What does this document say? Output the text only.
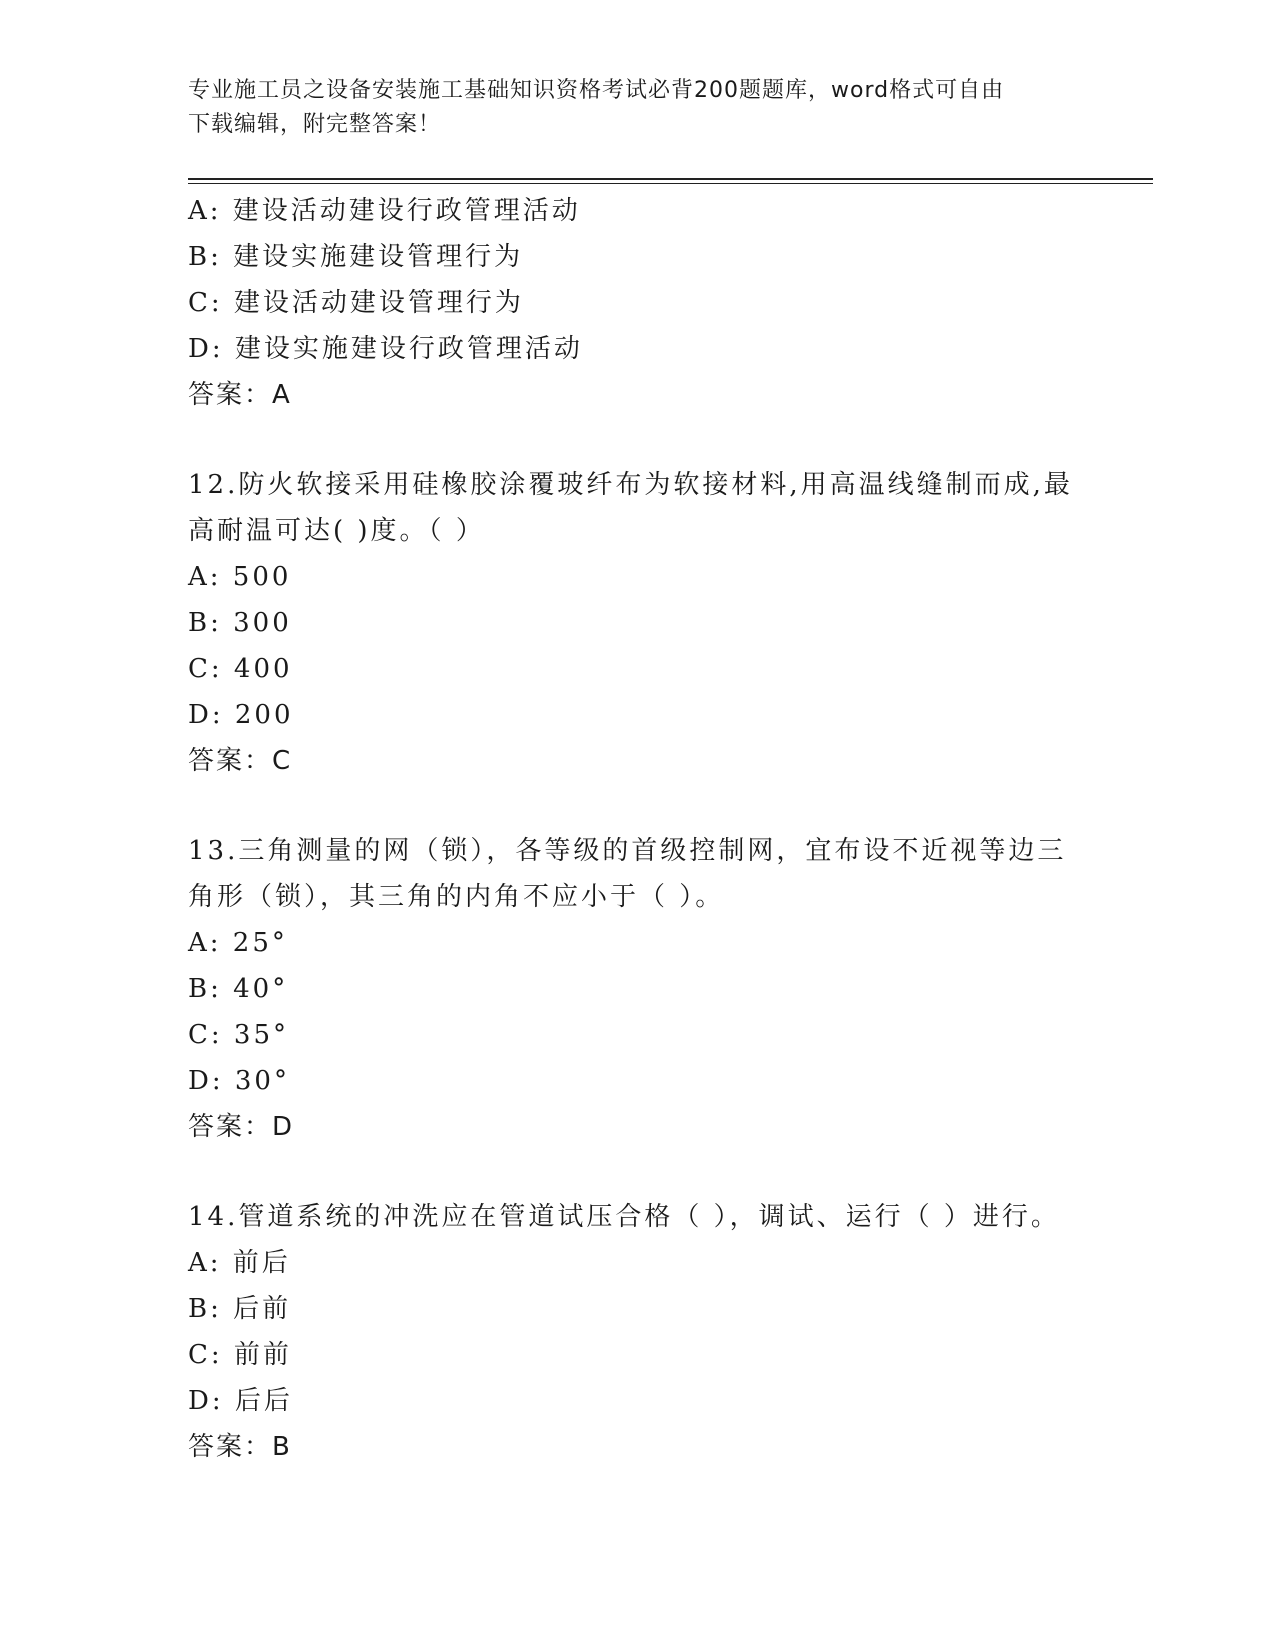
专业施工员之设备安装施工基础知识资格考试必背200题题库，word格式可自由
下载编辑，附完整答案！
A: 建设活动建设行政管理活动
B: 建设实施建设管理行为
C: 建设活动建设管理行为
D: 建设实施建设行政管理活动
答案：A
12.防火软接采用硅橡胶涂覆玻纤布为软接材料,用高温线缝制而成,最
高耐温可达( )度。（ ）
A: 500
B: 300
C: 400
D: 200
答案：C
13.三角测量的网（锁），各等级的首级控制网，宜布设不近视等边三
角形（锁），其三角的内角不应小于（ ）。
A: 25°
B: 40°
C: 35°
D: 30°
答案：D
14.管道系统的冲洗应在管道试压合格（ ），调试、运行（ ）进行。
A: 前后
B: 后前
C: 前前
D: 后后
答案：B
